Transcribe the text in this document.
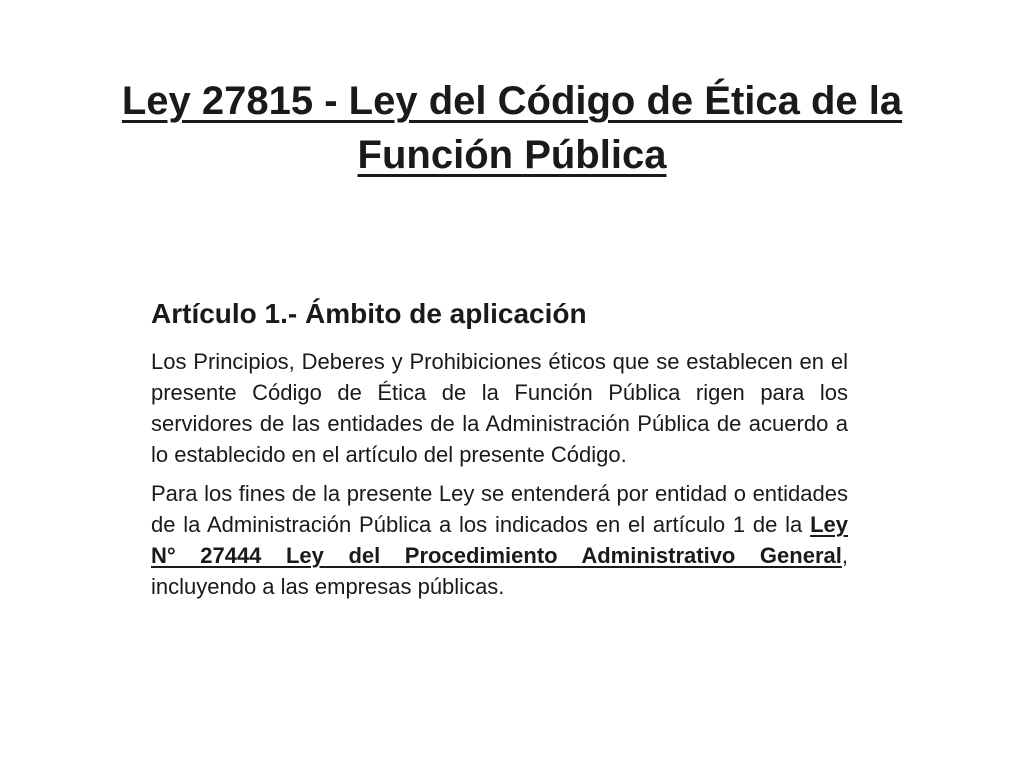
Ley 27815 - Ley del Código de Ética de la Función Pública
Artículo 1.- Ámbito de aplicación

Los Principios, Deberes y Prohibiciones éticos que se establecen en el presente Código de Ética de la Función Pública rigen para los servidores de las entidades de la Administración Pública de acuerdo a lo establecido en el artículo del presente Código.

Para los fines de la presente Ley se entenderá por entidad o entidades de la Administración Pública a los indicados en el artículo 1 de la Ley N° 27444 Ley del Procedimiento Administrativo General, incluyendo a las empresas públicas.
